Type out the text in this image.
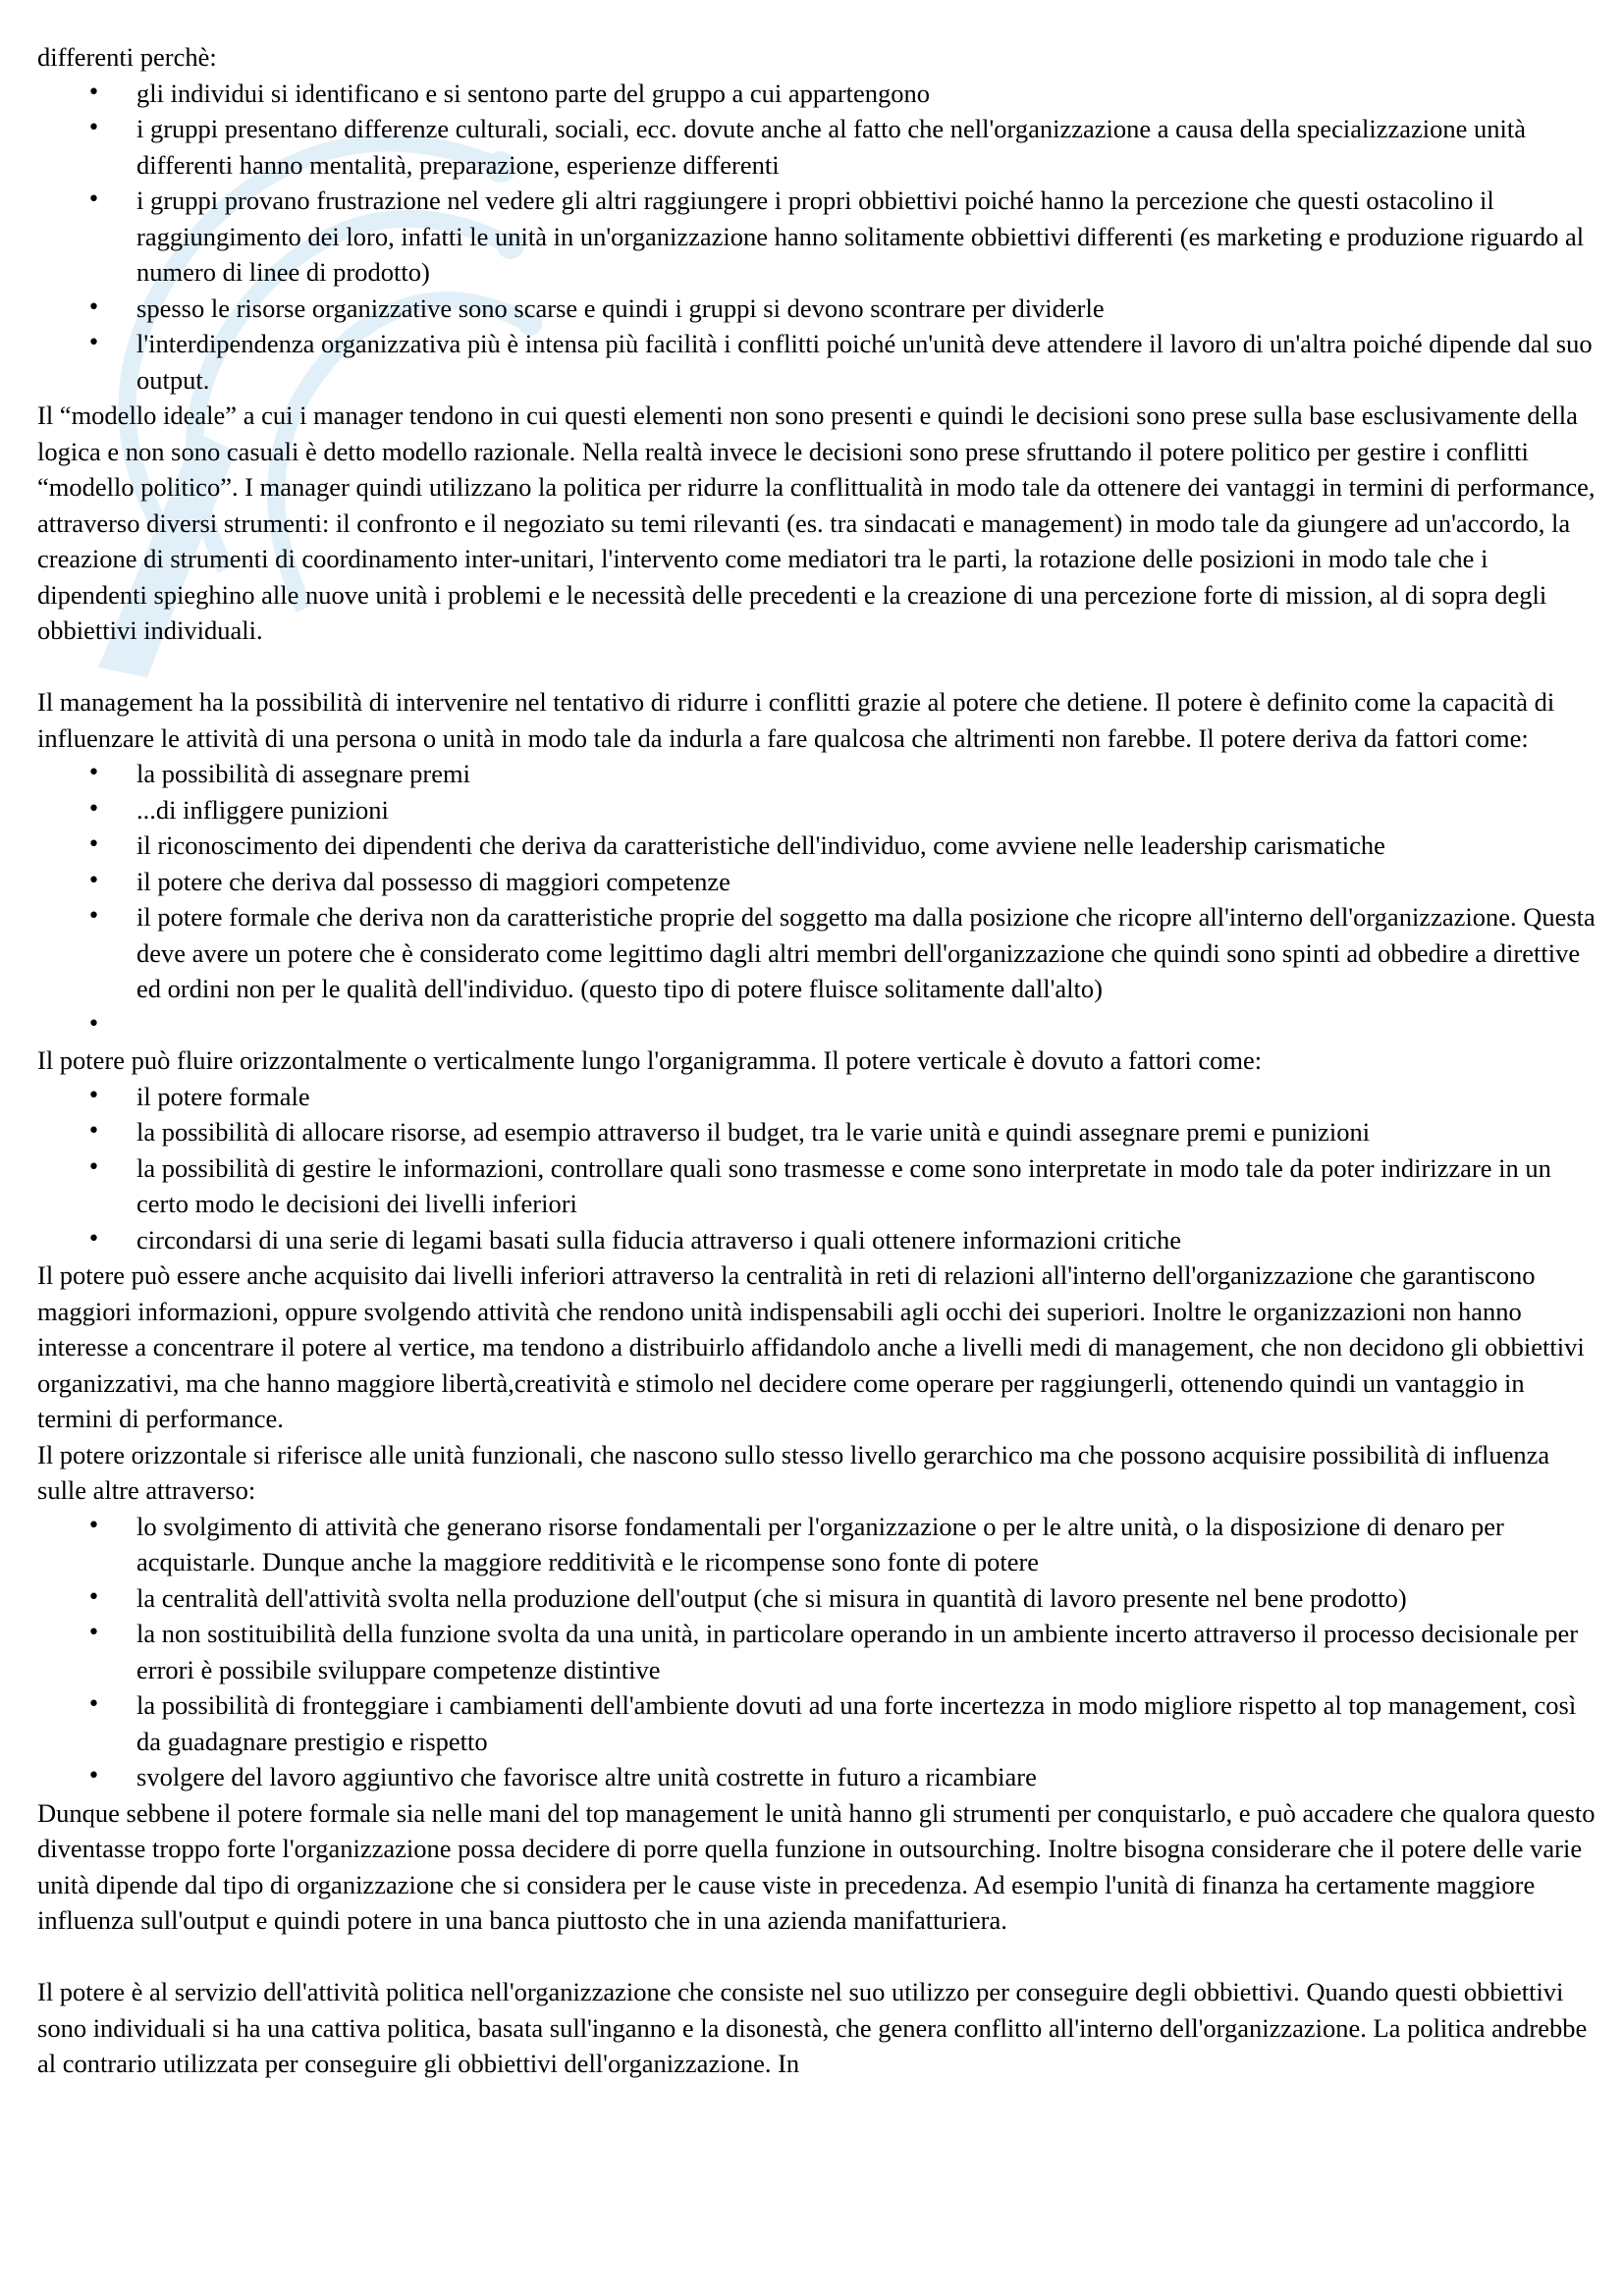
differenti perchè:

• gli individui si identificano e si sentono parte del gruppo a cui appartengono
• i gruppi presentano differenze culturali, sociali, ecc. dovute anche al fatto che nell'organizzazione a causa della specializzazione unità differenti hanno mentalità, preparazione, esperienze differenti
• i gruppi provano frustrazione nel vedere gli altri raggiungere i propri obbiettivi poiché hanno la percezione che questi ostacolino il raggiungimento dei loro, infatti le unità in un'organizzazione hanno solitamente obbiettivi differenti (es marketing e produzione riguardo al numero di linee di prodotto)
• spesso le risorse organizzative sono scarse e quindi i gruppi si devono scontrare per dividerle
• l'interdipendenza organizzativa più è intensa più facilità i conflitti poiché un'unità deve attendere il lavoro di un'altra poiché dipende dal suo output.

Il “modello ideale” a cui i manager tendono in cui questi elementi non sono presenti e quindi le decisioni sono prese sulla base esclusivamente della logica e non sono casuali è detto modello razionale. Nella realtà invece le decisioni sono prese sfruttando il potere politico per gestire i conflitti “modello politico”. I manager quindi utilizzano la politica per ridurre la conflittualità in modo tale da ottenere dei vantaggi in termini di performance, attraverso diversi strumenti: il confronto e il negoziato su temi rilevanti (es. tra sindacati e management) in modo tale da giungere ad un'accordo, la creazione di strumenti di coordinamento inter-unitari, l'intervento come mediatori tra le parti, la rotazione delle posizioni in modo tale che i dipendenti spieghino alle nuove unità i problemi e le necessità delle precedenti e la creazione di una percezione forte di mission, al di sopra degli obbiettivi individuali.

Il management ha la possibilità di intervenire nel tentativo di ridurre i conflitti grazie al potere che detiene. Il potere è definito come la capacità di influenzare le attività di una persona o unità in modo tale da indurla a fare qualcosa che altrimenti non farebbe. Il potere deriva da fattori come:

• la possibilità di assegnare premi
• ...di infliggere punizioni
• il riconoscimento dei dipendenti che deriva da caratteristiche dell'individuo, come avviene nelle leadership carismatiche
• il potere che deriva dal possesso di maggiori competenze
• il potere formale che deriva non da caratteristiche proprie del soggetto ma dalla posizione che ricopre all'interno dell'organizzazione. Questa deve avere un potere che è considerato come legittimo dagli altri membri dell'organizzazione che quindi sono spinti ad obbedire a direttive ed ordini non per le qualità dell'individuo. (questo tipo di potere fluisce solitamente dall'alto)
•

Il potere può fluire orizzontalmente o verticalmente lungo l'organigramma. Il potere verticale è dovuto a fattori come:

• il potere formale
• la possibilità di allocare risorse, ad esempio attraverso il budget, tra le varie unità e quindi assegnare premi e punizioni
• la possibilità di gestire le informazioni, controllare quali sono trasmesse e come sono interpretate in modo tale da poter indirizzare in un certo modo le decisioni dei livelli inferiori
• circondarsi di una serie di legami basati sulla fiducia attraverso i quali ottenere informazioni critiche

Il potere può essere anche acquisito dai livelli inferiori attraverso la centralità in reti di relazioni all'interno dell'organizzazione che garantiscono maggiori informazioni, oppure svolgendo attività che rendono unità indispensabili agli occhi dei superiori. Inoltre le organizzazioni non hanno interesse a concentrare il potere al vertice, ma tendono a distribuirlo affidandolo anche a livelli medi di management, che non decidono gli obbiettivi organizzativi, ma che hanno maggiore libertà,creatività e stimolo nel decidere come operare per raggiungerli, ottenendo quindi un vantaggio in termini di performance.

Il potere orizzontale si riferisce alle unità funzionali, che nascono sullo stesso livello gerarchico ma che possono acquisire possibilità di influenza sulle altre attraverso:

• lo svolgimento di attività che generano risorse fondamentali per l'organizzazione o per le altre unità, o la disposizione di denaro per acquistarle. Dunque anche la maggiore redditività e le ricompense sono fonte di potere
• la centralità dell'attività svolta nella produzione dell'output (che si misura in quantità di lavoro presente nel bene prodotto)
• la non sostituibilità della funzione svolta da una unità, in particolare operando in un ambiente incerto attraverso il processo decisionale per errori è possibile sviluppare competenze distintive
• la possibilità di fronteggiare i cambiamenti dell'ambiente dovuti ad una forte incertezza in modo migliore rispetto al top management, così da guadagnare prestigio e rispetto
• svolgere del lavoro aggiuntivo che favorisce altre unità costrette in futuro a ricambiare

Dunque sebbene il potere formale sia nelle mani del top management le unità hanno gli strumenti per conquistarlo, e può accadere che qualora questo diventasse troppo forte l'organizzazione possa decidere di porre quella funzione in outsourching. Inoltre bisogna considerare che il potere delle varie unità dipende dal tipo di organizzazione che si considera per le cause viste in precedenza. Ad esempio l'unità di finanza ha certamente maggiore influenza sull'output e quindi potere in una banca piuttosto che in una azienda manifatturiera.

Il potere è al servizio dell'attività politica nell'organizzazione che consiste nel suo utilizzo per conseguire degli obbiettivi. Quando questi obbiettivi sono individuali si ha una cattiva politica, basata sull'inganno e la disonestà, che genera conflitto all'interno dell'organizzazione. La politica andrebbe al contrario utilizzata per conseguire gli obbiettivi dell'organizzazione. In
